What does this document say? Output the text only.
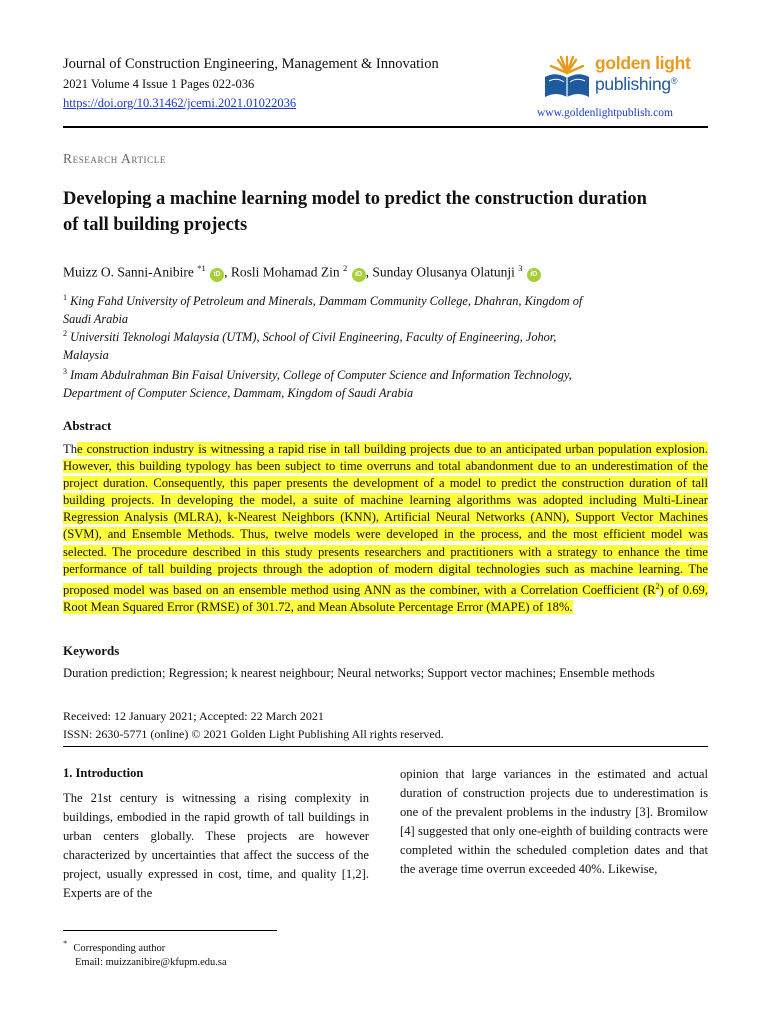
Journal of Construction Engineering, Management & Innovation
2021 Volume 4 Issue 1 Pages 022-036
https://doi.org/10.31462/jcemi.2021.01022036
golden light
publishing®
www.goldenlightpublish.com
Research Article
Developing a machine learning model to predict the construction duration of tall building projects
Muizz O. Sanni-Anibire $^{*1}$ iD , Rosli Mohamad Zin $^2$ iD , Sunday Olusanya Olatunji $^3$ iD
$^1$ King Fahd University of Petroleum and Minerals, Dammam Community College, Dhahran, Kingdom of
Saudi Arabia
$^2$ Universiti Teknologi Malaysia (UTM), School of Civil Engineering, Faculty of Engineering, Johor,
Malaysia
$^3$ Imam Abdulrahman Bin Faisal University, College of Computer Science and Information Technology,
Department of Computer Science, Dammam, Kingdom of Saudi Arabia
Abstract
The construction industry is witnessing a rapid rise in tall building projects due to an anticipated urban population explosion. However, this building typology has been subject to time overruns and total abandonment due to an underestimation of the project duration. Consequently, this paper presents the development of a model to predict the construction duration of tall building projects. In developing the model, a suite of machine learning algorithms was adopted including Multi-Linear Regression Analysis (MLRA), k-Nearest Neighbors (KNN), Artificial Neural Networks (ANN), Support Vector Machines (SVM), and Ensemble Methods. Thus, twelve models were developed in the process, and the most efficient model was selected. The procedure described in this study presents researchers and practitioners with a strategy to enhance the time performance of tall building projects through the adoption of modern digital technologies such as machine learning. The proposed model was based on an ensemble method using ANN as the combiner, with a Correlation Coefficient $(R^2)$ of 0.69, Root Mean Squared Error (RMSE) of 301.72, and Mean Absolute Percentage Error (MAPE) of 18%.
Keywords
Duration prediction; Regression; k nearest neighbour; Neural networks; Support vector machines; Ensemble methods
Received: 12 January 2021; Accepted: 22 March 2021
ISSN: 2630-5771 (online) © 2021 Golden Light Publishing All rights reserved.
1. Introduction
The 21st century is witnessing a rising complexity in buildings, embodied in the rapid growth of tall buildings in urban centers globally. These projects are however characterized by uncertainties that affect the success of the project, usually expressed in cost, time, and quality [1,2]. Experts are of the
opinion that large variances in the estimated and actual duration of construction projects due to underestimation is one of the prevalent problems in the industry [3]. Bromilow [4] suggested that only one-eighth of building contracts were completed within the scheduled completion dates and that the average time overrun exceeded 40%. Likewise,
* Corresponding author
Email: muizzanibire@kfupm.edu.sa
